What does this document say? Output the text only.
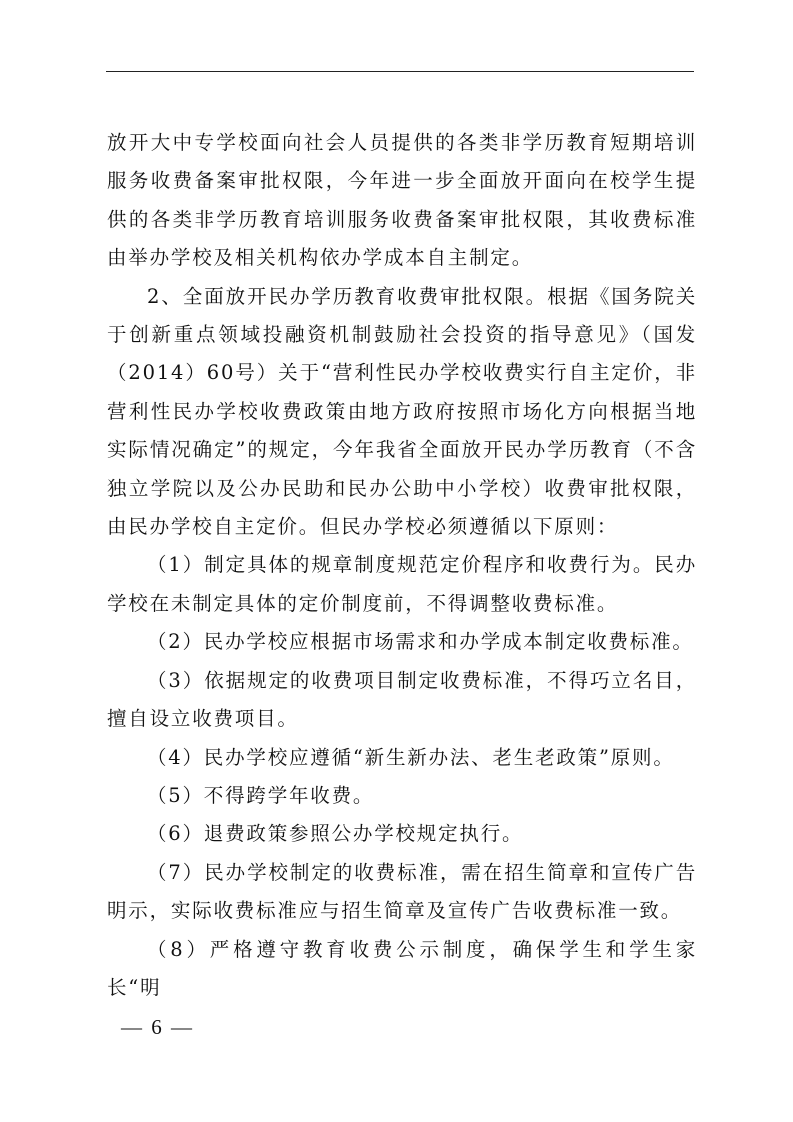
放开大中专学校面向社会人员提供的各类非学历教育短期培训服务收费备案审批权限，今年进一步全面放开面向在校学生提供的各类非学历教育培训服务收费备案审批权限，其收费标准由举办学校及相关机构依办学成本自主制定。

2、全面放开民办学历教育收费审批权限。根据《国务院关于创新重点领域投融资机制鼓励社会投资的指导意见》（国发（2014）60号）关于“营利性民办学校收费实行自主定价，非营利性民办学校收费政策由地方政府按照市场化方向根据当地实际情况确定”的规定，今年我省全面放开民办学历教育（不含独立学院以及公办民助和民办公助中小学校）收费审批权限，由民办学校自主定价。但民办学校必须遵循以下原则：

（1）制定具体的规章制度规范定价程序和收费行为。民办学校在未制定具体的定价制度前，不得调整收费标准。

（2）民办学校应根据市场需求和办学成本制定收费标准。

（3）依据规定的收费项目制定收费标准，不得巧立名目，擅自设立收费项目。

（4）民办学校应遵循“新生新办法、老生老政策”原则。

（5）不得跨学年收费。

（6）退费政策参照公办学校规定执行。

（7）民办学校制定的收费标准，需在招生简章和宣传广告明示，实际收费标准应与招生简章及宣传广告收费标准一致。

（8）严格遵守教育收费公示制度，确保学生和学生家长“明

— 6 —
